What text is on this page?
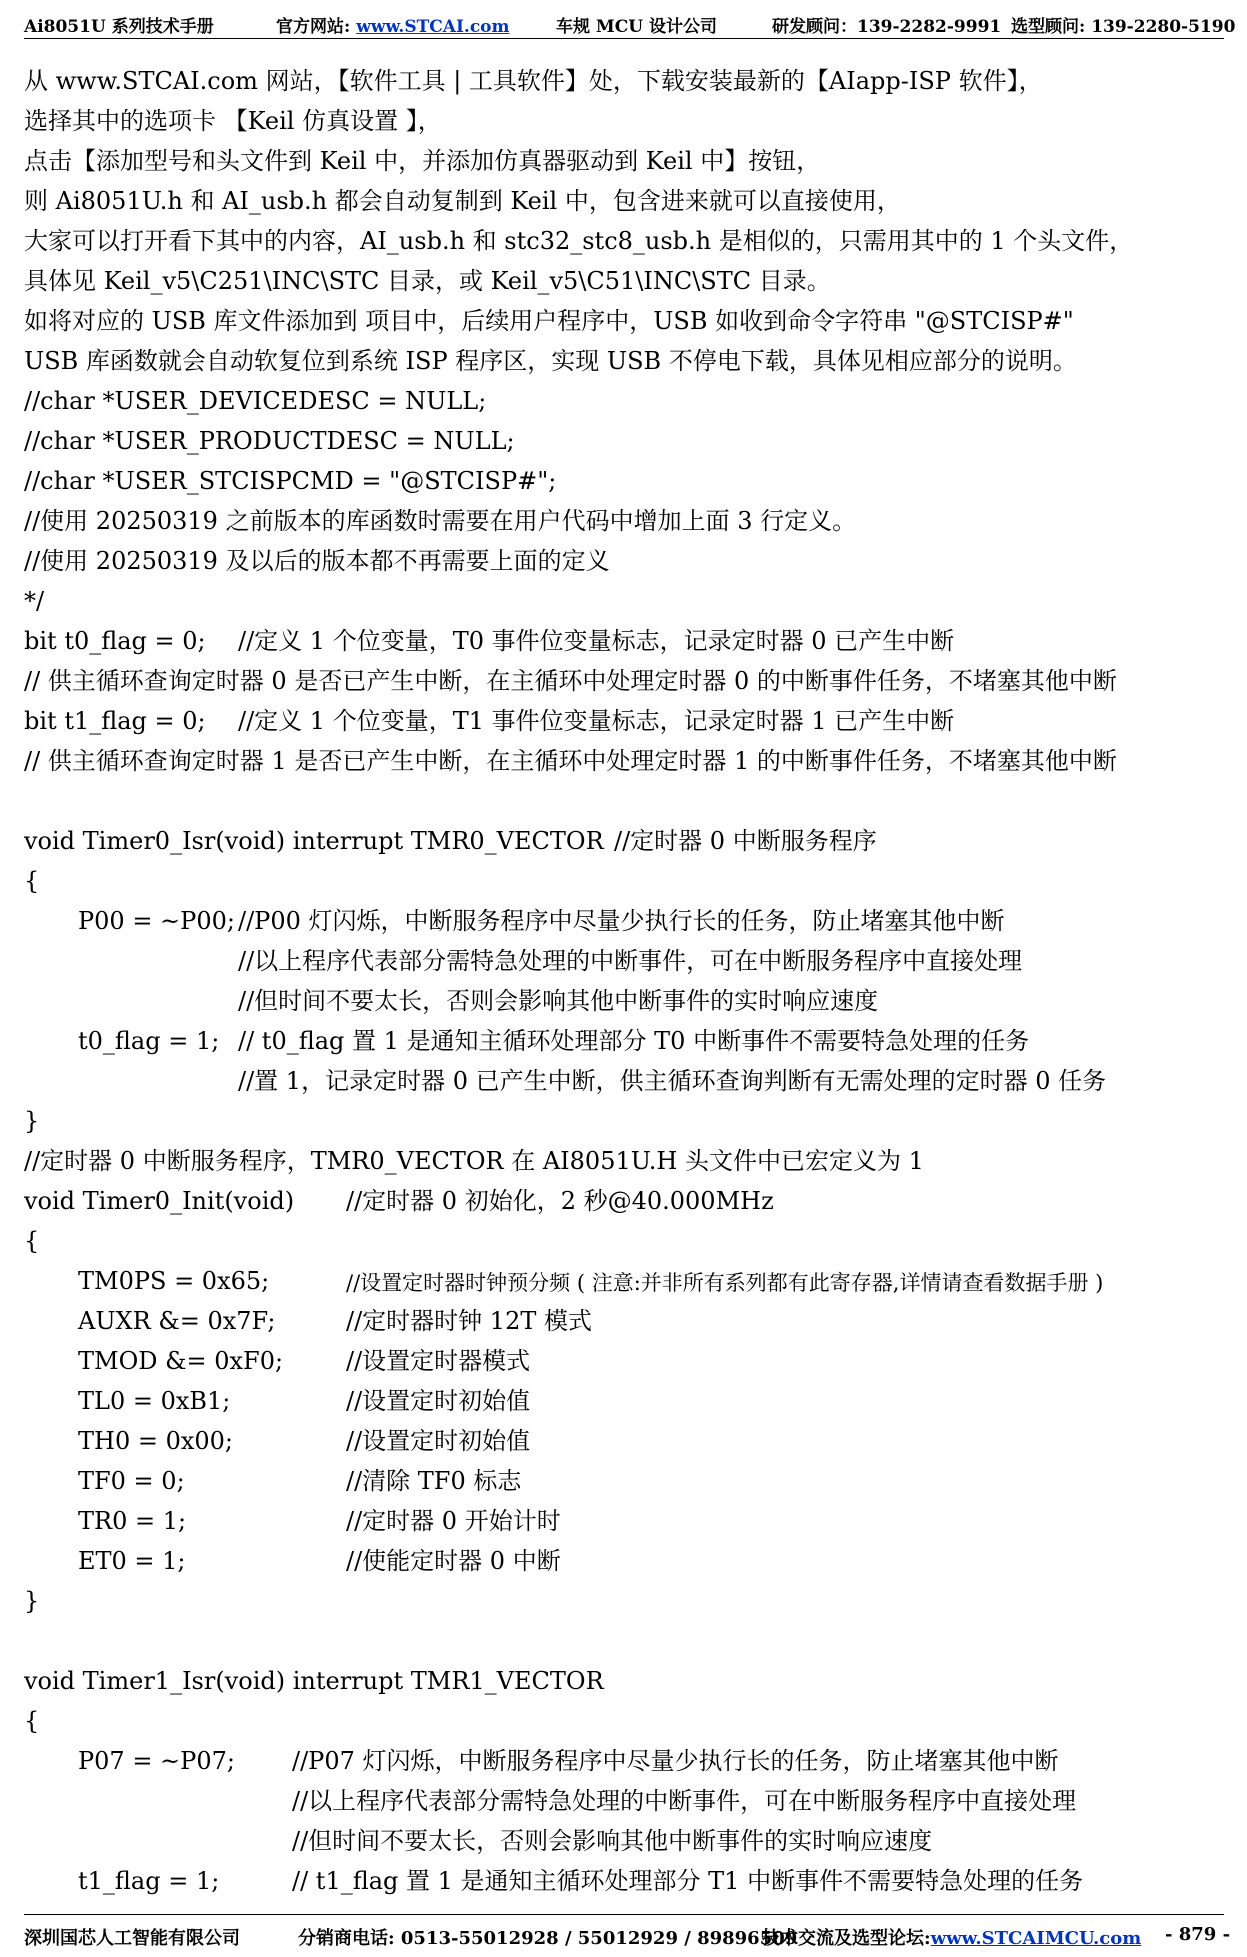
Ai8051U 系列技术手册	官方网站: www.STCAI.com	车规 MCU 设计公司	研发顾问：139-2282-9991 选型顾问: 139-2280-5190
从 www.STCAI.com 网站，【软件工具 | 工具软件】处，下载安装最新的【AIapp-ISP 软件】，
选择其中的选项卡 【Keil 仿真设置 】，
点击【添加型号和头文件到 Keil 中，并添加仿真器驱动到 Keil 中】按钮，
则 Ai8051U.h 和 AI_usb.h 都会自动复制到 Keil 中，包含进来就可以直接使用，
大家可以打开看下其中的内容，AI_usb.h 和 stc32_stc8_usb.h 是相似的，只需用其中的 1 个头文件，
具体见 Keil_v5\C251\INC\STC 目录，或 Keil_v5\C51\INC\STC 目录。
如将对应的 USB 库文件添加到 项目中，后续用户程序中，USB 如收到命令字符串 "@STCISP#"
USB 库函数就会自动软复位到系统 ISP 程序区，实现 USB 不停电下载，具体见相应部分的说明。
//char *USER_DEVICEDESC = NULL;
//char *USER_PRODUCTDESC = NULL;
//char *USER_STCISPCMD = "@STCISP#";
//使用 20250319 之前版本的库函数时需要在用户代码中增加上面 3 行定义。
//使用 20250319 及以后的版本都不再需要上面的定义
*/
bit t0_flag = 0; //定义 1 个位变量，T0 事件位变量标志，记录定时器 0 已产生中断
// 供主循环查询定时器 0 是否已产生中断，在主循环中处理定时器 0 的中断事件任务，不堵塞其他中断
bit t1_flag = 0; //定义 1 个位变量，T1 事件位变量标志，记录定时器 1 已产生中断
// 供主循环查询定时器 1 是否已产生中断，在主循环中处理定时器 1 的中断事件任务，不堵塞其他中断
void Timer0_Isr(void) interrupt TMR0_VECTOR //定时器 0 中断服务程序
{
P00 = ~P00; //P00 灯闪烁，中断服务程序中尽量少执行长的任务，防止堵塞其他中断
//以上程序代表部分需特急处理的中断事件，可在中断服务程序中直接处理
//但时间不要太长，否则会影响其他中断事件的实时响应速度
t0_flag = 1; // t0_flag 置 1 是通知主循环处理部分 T0 中断事件不需要特急处理的任务
//置 1，记录定时器 0 已产生中断，供主循环查询判断有无需处理的定时器 0 任务
}
//定时器 0 中断服务程序，TMR0_VECTOR 在 AI8051U.H 头文件中已宏定义为 1
void Timer0_Init(void) //定时器 0 初始化，2 秒@40.000MHz
{
TM0PS = 0x65;	//设置定时器时钟预分频 ( 注意:并非所有系列都有此寄存器,详情请查看数据手册 )
AUXR &= 0x7F;	//定时器时钟 12T 模式
TMOD &= 0xF0;	//设置定时器模式
TL0 = 0xB1;	//设置定时初始值
TH0 = 0x00;	//设置定时初始值
TF0 = 0;	//清除 TF0 标志
TR0 = 1;	//定时器 0 开始计时
ET0 = 1;	//使能定时器 0 中断
}
void Timer1_Isr(void) interrupt TMR1_VECTOR
{
P07 = ~P07; //P07 灯闪烁，中断服务程序中尽量少执行长的任务，防止堵塞其他中断
//以上程序代表部分需特急处理的中断事件，可在中断服务程序中直接处理
//但时间不要太长，否则会影响其他中断事件的实时响应速度
t1_flag = 1;	// t1_flag 置 1 是通知主循环处理部分 T1 中断事件不需要特急处理的任务
深圳国芯人工智能有限公司	分销商电话: 0513-55012928 / 55012929 / 89896509
技术交流及选型论坛:www.STCAIMCU.com - 879 -
